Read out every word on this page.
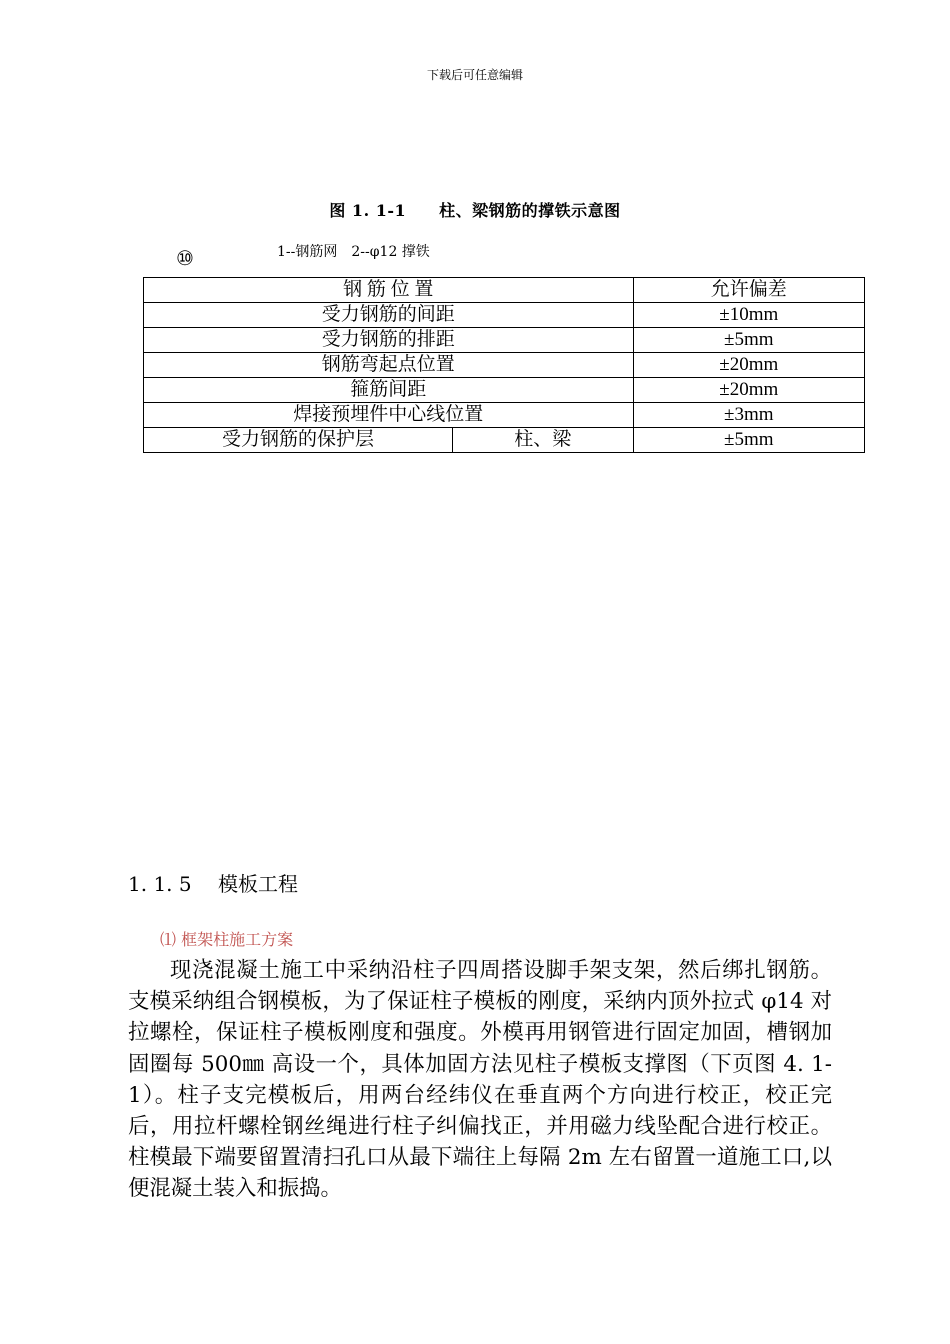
下载后可任意编辑
图 1. 1-1　　柱、梁钢筋的撑铁示意图
1--钢筋网　2--φ12 撑铁
⑩
钢 筋 位 置		允许偏差
受力钢筋的间距		±10mm
受力钢筋的排距		±5mm
钢筋弯起点位置		±20mm
箍筋间距		±20mm
焊接预埋件中心线位置		±3mm
受力钢筋的保护层	柱、梁	±5mm
1. 1. 5　 模板工程
⑴ 框架柱施工方案
现浇混凝土施工中采纳沿柱子四周搭设脚手架支架，然后绑扎钢筋。支模采纳组合钢模板，为了保证柱子模板的刚度，采纳内顶外拉式 φ14 对拉螺栓，保证柱子模板刚度和强度。外模再用钢管进行固定加固，槽钢加固圈每 500㎜ 高设一个，具体加固方法见柱子模板支撑图（下页图 4. 1-1）。柱子支完模板后，用两台经纬仪在垂直两个方向进行校正，校正完后，用拉杆螺栓钢丝绳进行柱子纠偏找正，并用磁力线坠配合进行校正。柱模最下端要留置清扫孔口从最下端往上每隔 2m 左右留置一道施工口,以便混凝土装入和振捣。
